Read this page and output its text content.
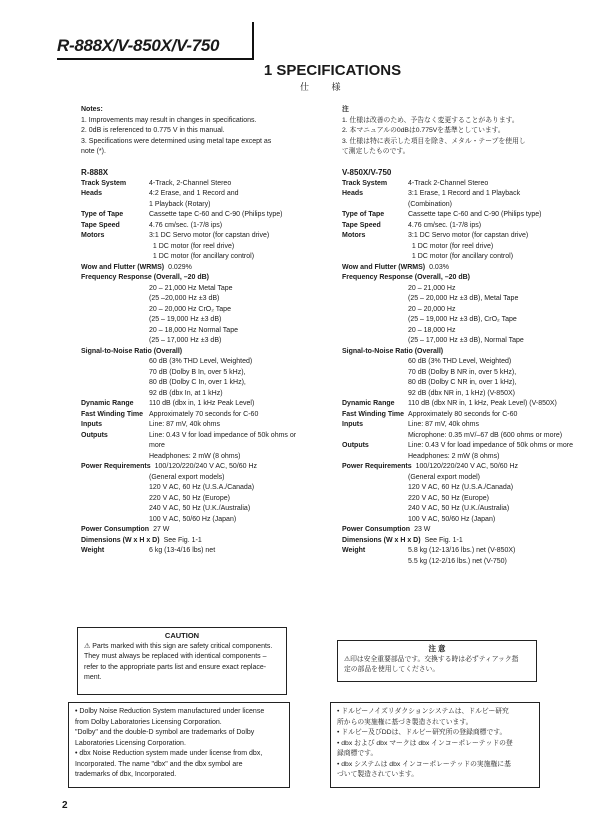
R-888X/V-850X/V-750
1 SPECIFICATIONS
仕 様
Notes:
1. Improvements may result in changes in specifications.
2. 0dB is referenced to 0.775 V in this manual.
3. Specifications were determined using metal tape except as
note (*).
注
1. 仕様は改善のため、予告なく変更することがあります。
2. 本マニュアルの0dBは0.775Vを基準としています。
3. 仕様は特に表示した項目を除き、メタル・テープを使用し
て測定したものです。
R-888X
Track System	4-Track, 2-Channel Stereo
Heads	4:2 Erase, and 1 Record and
1 Playback (Rotary)
Type of Tape	Cassette tape C-60 and C-90 (Philips type)
Tape Speed	4.76 cm/sec. (1-7/8 ips)
Motors	3:1 DC Servo motor (for capstan drive)
1 DC motor (for reel drive)
1 DC motor (for ancillary control)
Wow and Flutter (WRMS) 0.029%
Frequency Response (Overall, –20 dB)
20 – 21,000 Hz Metal Tape
(25 –20,000 Hz ±3 dB)
20 – 20,000 Hz CrO₂ Tape
(25 – 19,000 Hz ±3 dB)
20 – 18,000 Hz Normal Tape
(25 – 17,000 Hz ±3 dB)
Signal-to-Noise Ratio (Overall)
60 dB (3% THD Level, Weighted)
70 dB (Dolby B In, over 5 kHz),
80 dB (Dolby C In, over 1 kHz),
92 dB (dbx In, at 1 kHz)
Dynamic Range 110 dB (dbx in, 1 kHz Peak Level)
Fast Winding Time Approximately 70 seconds for C-60
Inputs	Line: 87 mV, 40k ohms
Outputs	Line: 0.43 V for load impedance of 50k ohms or
more
Headphones: 2 mW (8 ohms)
Power Requirements 100/120/220/240 V AC, 50/60 Hz
(General export models)
120 V AC, 60 Hz (U.S.A./Canada)
220 V AC, 50 Hz (Europe)
240 V AC, 50 Hz (U.K./Australia)
100 V AC, 50/60 Hz (Japan)
Power Consumption 27 W
Dimensions (W x H x D) See Fig. 1-1
Weight	6 kg (13-4/16 lbs) net
V-850X/V-750
Track System	4-Track 2-Channel Stereo
Heads	3:1 Erase, 1 Record and 1 Playback
(Combination)
Type of Tape	Cassette tape C-60 and C-90 (Philips type)
Tape Speed	4.76 cm/sec. (1-7/8 ips)
Motors	3:1 DC Servo motor (for capstan drive)
1 DC motor (for reel drive)
1 DC motor (for ancillary control)
Wow and Flutter (WRMS) 0.03%
Frequency Response (Overall, –20 dB)
20 – 21,000 Hz
(25 – 20,000 Hz ±3 dB), Metal Tape
20 – 20,000 Hz
(25 – 19,000 Hz ±3 dB), CrO₂ Tape
20 – 18,000 Hz
(25 – 17,000 Hz ±3 dB), Normal Tape
Signal-to-Noise Ratio (Overall)
60 dB (3% THD Level, Weighted)
70 dB (Dolby B NR in, over 5 kHz),
80 dB (Dolby C NR in, over 1 kHz),
92 dB (dbx NR in, 1 kHz) (V-850X)
Dynamic Range 110 dB (dbx NR in, 1 kHz, Peak Level) (V-850X)
Fast Winding Time Approximately 80 seconds for C-60
Inputs	Line: 87 mV, 40k ohms
Microphone: 0.35 mV/–67 dB (600 ohms or more)
Outputs	Line: 0.43 V for load impedance of 50k ohms or more
Headphones: 2 mW (8 ohms)
Power Requirements 100/120/220/240 V AC, 50/60 Hz
(General export model)
120 V AC, 60 Hz (U.S.A./Canada)
220 V AC, 50 Hz (Europe)
240 V AC, 50 Hz (U.K./Australia)
100 V AC, 50/60 Hz (Japan)
Power Consumption 23 W
Dimensions (W x H x D) See Fig. 1-1
Weight	5.8 kg (12-13/16 lbs.) net (V-850X)
5.5 kg (12-2/16 lbs.) net (V-750)
CAUTION
⚠ Parts marked with this sign are safety critical components.
They must always be replaced with identical components –
refer to the appropriate parts list and ensure exact replace-
ment.
注 意
⚠印は安全重要部品です。交換する時は必ずティアック指
定の部品を使用してください。
• Dolby Noise Reduction System manufactured under license
from Dolby Laboratories Licensing Corporation.
"Dolby" and the double-D symbol are trademarks of Dolby
Laboratories Licensing Corporation.
• dbx Noise Reduction system made under license from dbx,
Incorporated. The name "dbx" and the dbx symbol are
trademarks of dbx, Incorporated.
• ドルビーノイズリダクションシステムは、ドルビー研究
所からの実施権に基づき製造されています。
• ドルビー及びDDは、ドルビー研究所の登録商標です。
• dbx および dbx マークは dbx インコーポレーテッドの登
録商標です。
• dbx システムは dbx インコーポレーテッドの実施権に基
づいて製造されています。
2
